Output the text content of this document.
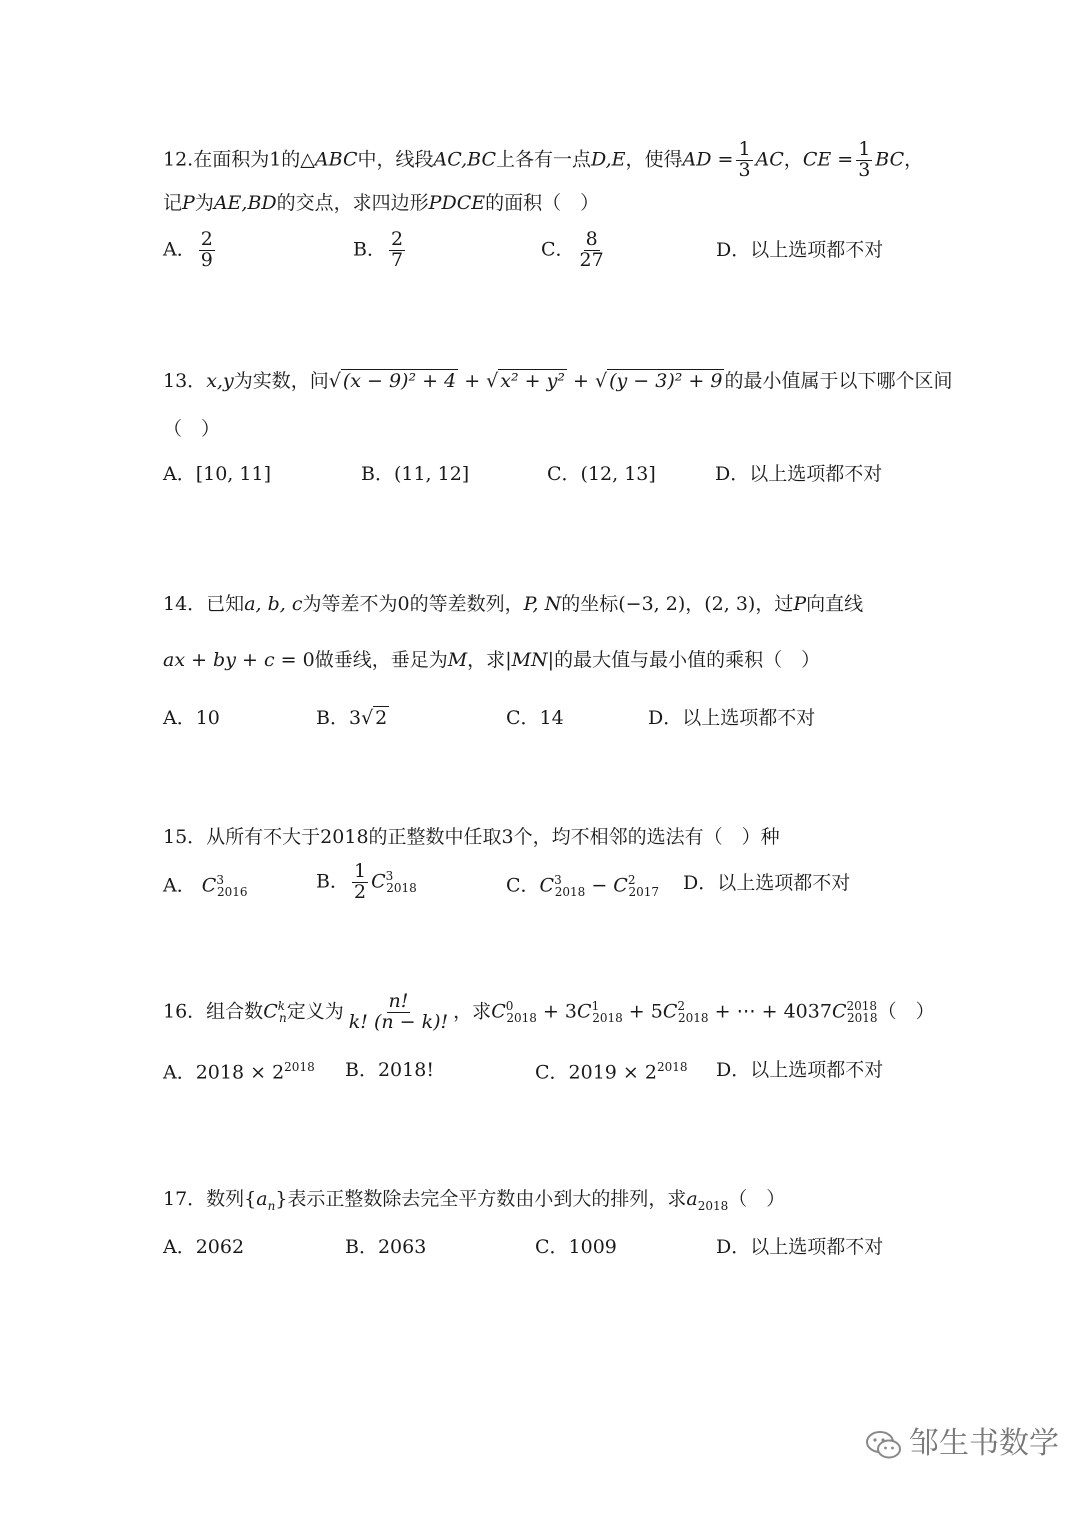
12.在面积为1的△ABC中，线段AC,BC上各有一点D,E，使得AD = $\frac{1}{3}$ AC，CE = $\frac{1}{3}$ BC，
记P为AE,BD的交点，求四边形PDCE的面积（　）
A． $\frac{2}{9}$	B． $\frac{2}{7}$	C． $\frac{8}{27}$	D．以上选项都不对
13．x,y为实数，问√ (x − 9)² + 4 + √ x² + y² + √ (y − 3)² + 9 的最小值属于以下哪个区间
（　）
A．[10, 11]	B．(11, 12]	C．(12, 13]	D．以上选项都不对
14．已知a, b, c为等差不为0的等差数列，P, N的坐标(−3, 2)，(2, 3)，过P向直线
ax + by + c = 0做垂线，垂足为M，求|MN|的最大值与最小值的乘积（　）
A．10	B．3√ 2	C．14	D．以上选项都不对
15．从所有不大于2018的正整数中任取3个，均不相邻的选法有（　）种
A． $C^3_{2016}$	B． $\frac{1}{2} C^3_{2018}$	C．$C^3_{2018} - C^2_{2017}$ D．以上选项都不对
16．组合数$C^k_n$定义为 $\frac{n!}{k! (n - k)!}$ ，求$C^0_{2018} + 3C^1_{2018} + 5C^2_{2018}$ + ⋯ + $4037C^{2018}_{2018}$（　）
A．$2018 \times 2^{2018}$ B．2018!	C．$2019 \times 2^{2018}$ D．以上选项都不对
17．数列$\{a_n\}$表示正整数除去完全平方数由小到大的排列，求$a_{2018}$（　）
A．2062	B．2063	C．1009	D．以上选项都不对
邹生书数学
